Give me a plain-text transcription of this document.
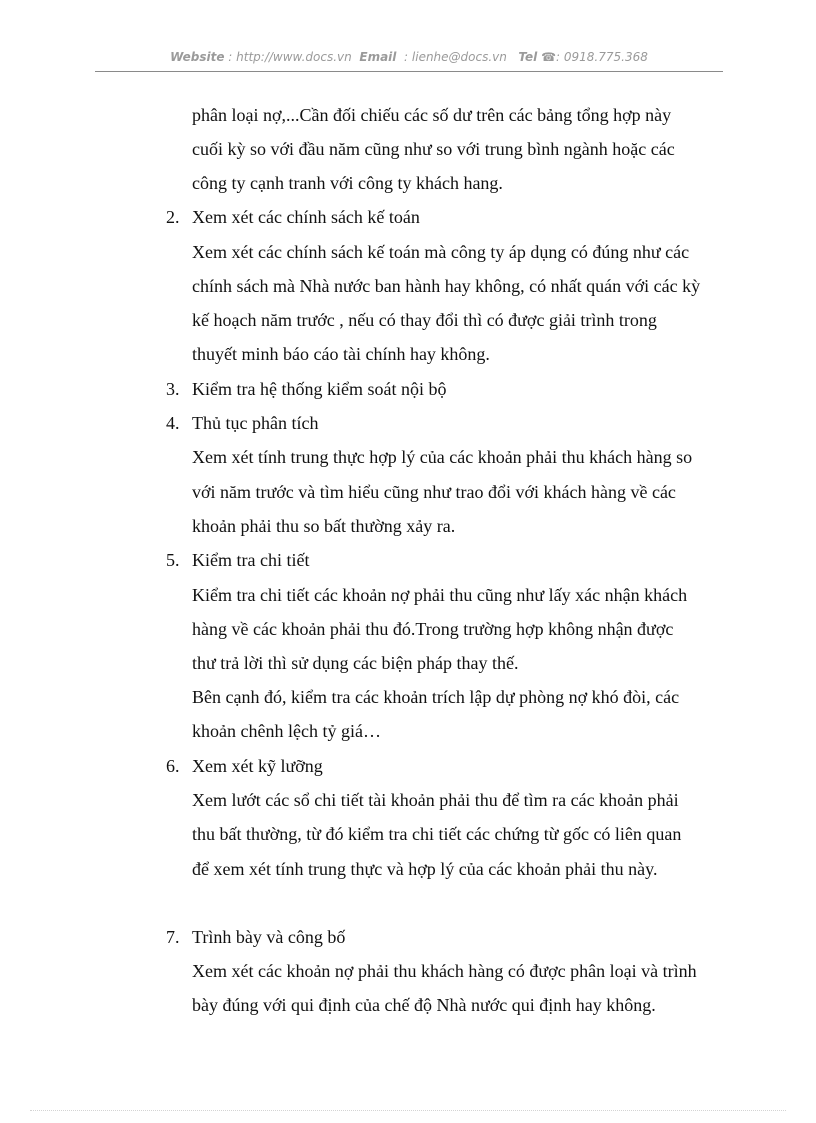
Website : http://www.docs.vn Email : lienhe@docs.vn Tel ☎: 0918.775.368
phân loại nợ,...Cần đối chiếu các số dư trên các bảng tổng hợp này
cuối kỳ so với đầu năm cũng như so với trung bình ngành hoặc các
công ty cạnh tranh với công ty khách hang.
2. Xem xét các chính sách kế toán
Xem xét các chính sách kế toán mà công ty áp dụng có đúng như các
chính sách mà Nhà nước ban hành hay không, có nhất quán với các kỳ
kế hoạch năm trước , nếu có thay đổi thì có được giải trình trong
thuyết minh báo cáo tài chính hay không.
3. Kiểm tra hệ thống kiểm soát nội bộ
4. Thủ tục phân tích
Xem xét tính trung thực hợp lý của các khoản phải thu khách hàng so
với năm trước và tìm hiểu cũng như trao đổi với khách hàng về các
khoản phải thu so bất thường xảy ra.
5. Kiểm tra chi tiết
Kiểm tra chi tiết các khoản nợ phải thu cũng như lấy xác nhận khách
hàng về các khoản phải thu đó.Trong trường hợp không nhận được
thư trả lời thì sử dụng các biện pháp thay thế.
Bên cạnh đó, kiểm tra các khoản trích lập dự phòng nợ khó đòi, các
khoản chênh lệch tỷ giá…
6. Xem xét kỹ lưỡng
Xem lướt các sổ chi tiết tài khoản phải thu để tìm ra các khoản phải
thu bất thường, từ đó kiểm tra chi tiết các chứng từ gốc có liên quan
để xem xét tính trung thực và hợp lý của các khoản phải thu này.
7. Trình bày và công bố
Xem xét các khoản nợ phải thu khách hàng có được phân loại và trình
bày đúng với qui định của chế độ Nhà nước qui định hay không.
